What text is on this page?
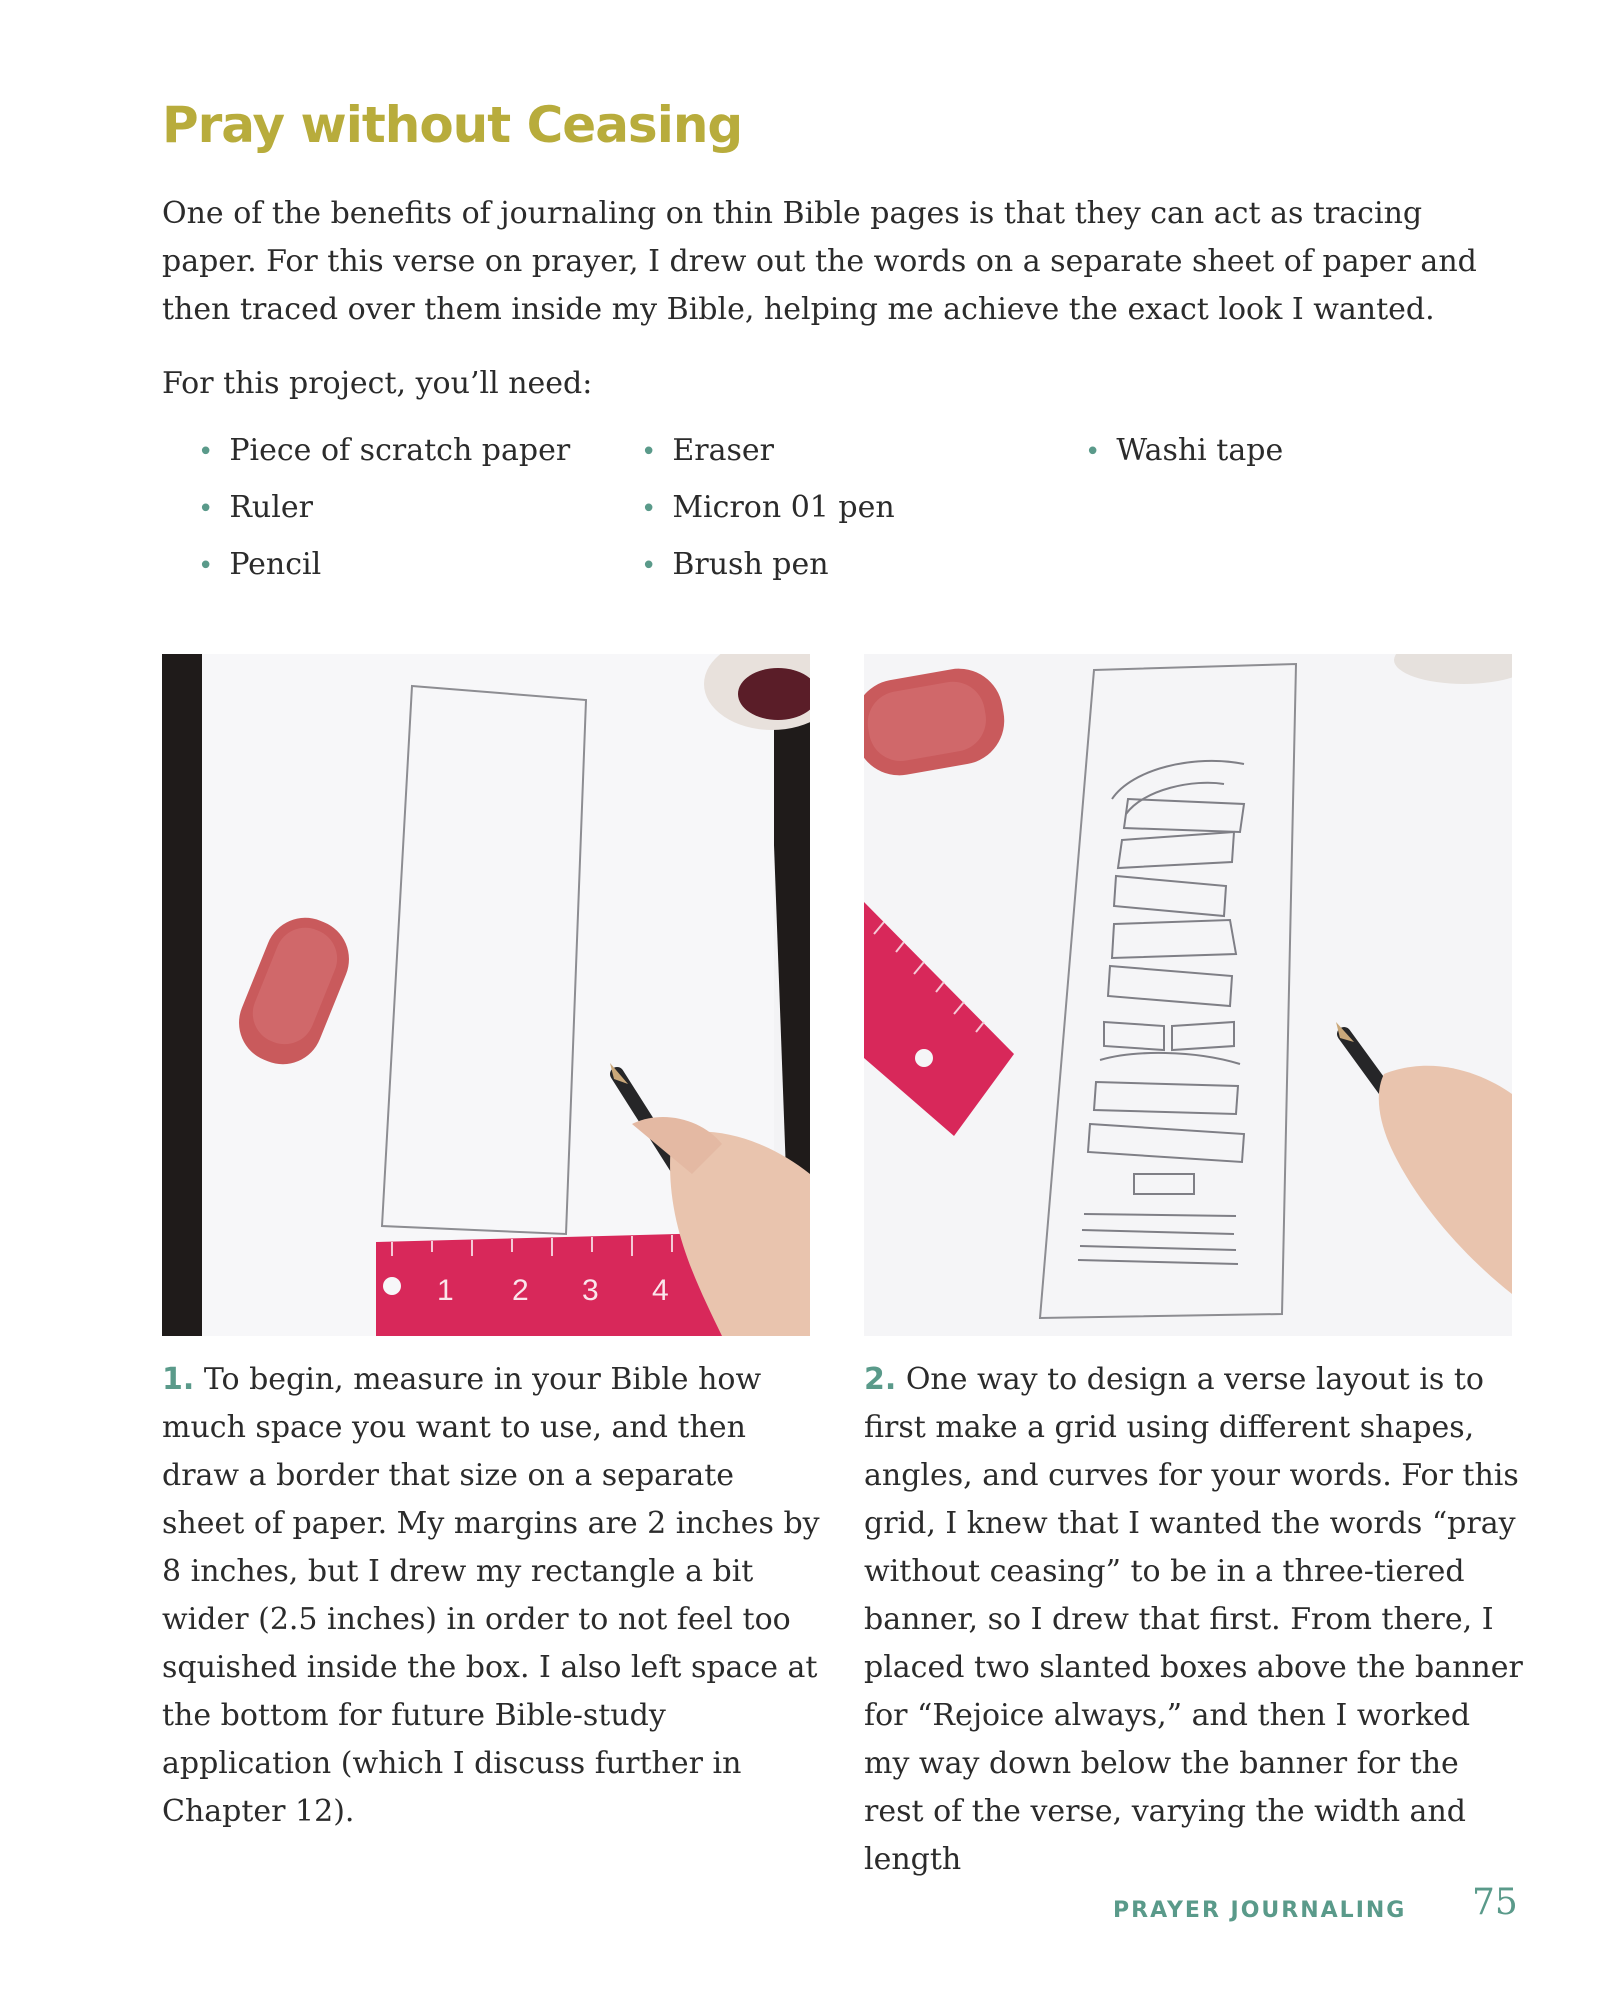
Pray without Ceasing

One of the benefits of journaling on thin Bible pages is that they can act as tracing paper. For this verse on prayer, I drew out the words on a separate sheet of paper and then traced over them inside my Bible, helping me achieve the exact look I wanted.

For this project, you’ll need:

• Piece of scratch paper
• Ruler
• Pencil
• Eraser
• Micron 01 pen
• Brush pen
• Washi tape
1 2 3 4

1. To begin, measure in your Bible how much space you want to use, and then draw a border that size on a separate sheet of paper. My margins are 2 inches by 8 inches, but I drew my rectangle a bit wider (2.5 inches) in order to not feel too squished inside the box. I also left space at the bottom for future Bible-study application (which I discuss further in Chapter 12).

2. One way to design a verse layout is to first make a grid using different shapes, angles, and curves for your words. For this grid, I knew that I wanted the words “pray without ceasing” to be in a three-tiered banner, so I drew that first. From there, I placed two slanted boxes above the banner for “Rejoice always,” and then I worked my way down below the banner for the rest of the verse, varying the width and length

PRAYER JOURNALING 75
